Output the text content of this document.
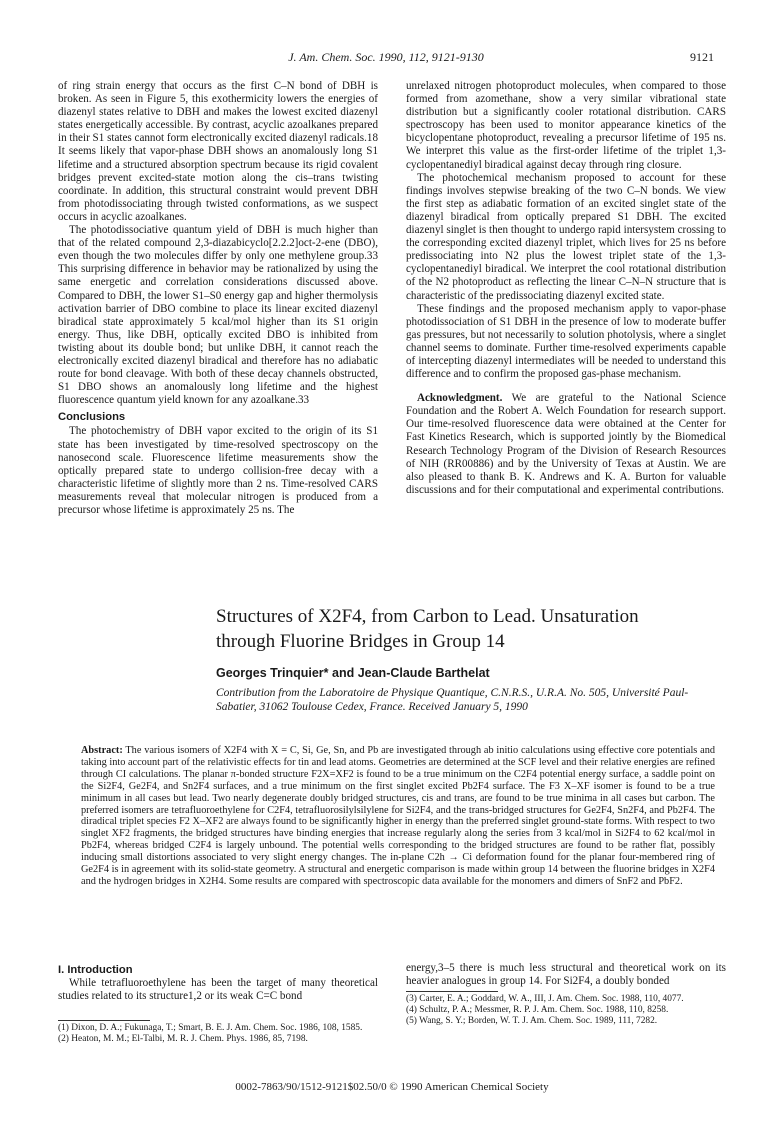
J. Am. Chem. Soc. 1990, 112, 9121-9130	9121

of ring strain energy that occurs as the first C–N bond of DBH is broken. As seen in Figure 5, this exothermicity lowers the energies of diazenyl states relative to DBH and makes the lowest excited diazenyl states energetically accessible. By contrast, acyclic azoalkanes prepared in their S1 states cannot form electronically excited diazenyl radicals.18 It seems likely that vapor-phase DBH shows an anomalously long S1 lifetime and a structured absorption spectrum because its rigid covalent bridges prevent excited-state motion along the cis–trans twisting coordinate. In addition, this structural constraint would prevent DBH from photodissociating through twisted conformations, as we suspect occurs in acyclic azoalkanes.

The photodissociative quantum yield of DBH is much higher than that of the related compound 2,3-diazabicyclo[2.2.2]oct-2-ene (DBO), even though the two molecules differ by only one methylene group.33 This surprising difference in behavior may be rationalized by using the same energetic and correlation considerations discussed above. Compared to DBH, the lower S1–S0 energy gap and higher thermolysis activation barrier of DBO combine to place its linear excited diazenyl biradical state approximately 5 kcal/mol higher than its S1 origin energy. Thus, like DBH, optically excited DBO is inhibited from twisting about its double bond; but unlike DBH, it cannot reach the electronically excited diazenyl biradical and therefore has no adiabatic route for bond cleavage. With both of these decay channels obstructed, S1 DBO shows an anomalously long lifetime and the highest fluorescence quantum yield known for any azoalkane.33

Conclusions

The photochemistry of DBH vapor excited to the origin of its S1 state has been investigated by time-resolved spectroscopy on the nanosecond scale. Fluorescence lifetime measurements show the optically prepared state to undergo collision-free decay with a characteristic lifetime of slightly more than 2 ns. Time-resolved CARS measurements reveal that molecular nitrogen is produced from a precursor whose lifetime is approximately 25 ns. The

unrelaxed nitrogen photoproduct molecules, when compared to those formed from azomethane, show a very similar vibrational state distribution but a significantly cooler rotational distribution. CARS spectroscopy has been used to monitor appearance kinetics of the bicyclopentane photoproduct, revealing a precursor lifetime of 195 ns. We interpret this value as the first-order lifetime of the triplet 1,3-cyclopentanediyl biradical against decay through ring closure.

The photochemical mechanism proposed to account for these findings involves stepwise breaking of the two C–N bonds. We view the first step as adiabatic formation of an excited singlet state of the diazenyl biradical from optically prepared S1 DBH. The excited diazenyl singlet is then thought to undergo rapid intersystem crossing to the corresponding excited diazenyl triplet, which lives for 25 ns before predissociating into N2 plus the lowest triplet state of the 1,3-cyclopentanediyl biradical. We interpret the cool rotational distribution of the N2 photoproduct as reflecting the linear C–N–N structure that is characteristic of the predissociating diazenyl excited state.

These findings and the proposed mechanism apply to vapor-phase photodissociation of S1 DBH in the presence of low to moderate buffer gas pressures, but not necessarily to solution photolysis, where a singlet channel seems to dominate. Further time-resolved experiments capable of intercepting diazenyl intermediates will be needed to understand this difference and to confirm the proposed gas-phase mechanism.

Acknowledgment. We are grateful to the National Science Foundation and the Robert A. Welch Foundation for research support. Our time-resolved fluorescence data were obtained at the Center for Fast Kinetics Research, which is supported jointly by the Biomedical Research Technology Program of the Division of Research Resources of NIH (RR00886) and by the University of Texas at Austin. We are also pleased to thank B. K. Andrews and K. A. Burton for valuable discussions and for their computational and experimental contributions.

Structures of X2F4, from Carbon to Lead. Unsaturation
through Fluorine Bridges in Group 14
Georges Trinquier* and Jean-Claude Barthelat
Contribution from the Laboratoire de Physique Quantique, C.N.R.S., U.R.A. No. 505, Université Paul-Sabatier, 31062 Toulouse Cedex, France. Received January 5, 1990
Abstract: The various isomers of X2F4 with X = C, Si, Ge, Sn, and Pb are investigated through ab initio calculations using effective core potentials and taking into account part of the relativistic effects for tin and lead atoms. Geometries are determined at the SCF level and their relative energies are refined through CI calculations. The planar π-bonded structure F2X=XF2 is found to be a true minimum on the C2F4 potential energy surface, a saddle point on the Si2F4, Ge2F4, and Sn2F4 surfaces, and a true minimum on the first singlet excited Pb2F4 surface. The F3 X–XF isomer is found to be a true minimum in all cases but lead. Two nearly degenerate doubly bridged structures, cis and trans, are found to be true minima in all cases but carbon. The preferred isomers are tetrafluoroethylene for C2F4, tetrafluorosilylsilylene for Si2F4, and the trans-bridged structures for Ge2F4, Sn2F4, and Pb2F4. The diradical triplet species F2 X–XF2 are always found to be significantly higher in energy than the preferred singlet ground-state forms. With respect to two singlet XF2 fragments, the bridged structures have binding energies that increase regularly along the series from 3 kcal/mol in Si2F4 to 62 kcal/mol in Pb2F4, whereas bridged C2F4 is largely unbound. The potential wells corresponding to the bridged structures are found to be rather flat, possibly inducing small distortions associated to very slight energy changes. The in-plane C2h → Ci deformation found for the planar four-membered ring of Ge2F4 is in agreement with its solid-state geometry. A structural and energetic comparison is made within group 14 between the fluorine bridges in X2F4 and the hydrogen bridges in X2H4. Some results are compared with spectroscopic data available for the monomers and dimers of SnF2 and PbF2.
I. Introduction

While tetrafluoroethylene has been the target of many theoretical studies related to its structure1,2 or its weak C=C bond

energy,3–5 there is much less structural and theoretical work on its heavier analogues in group 14. For Si2F4, a doubly bonded

(1) Dixon, D. A.; Fukunaga, T.; Smart, B. E. J. Am. Chem. Soc. 1986, 108, 1585.
(2) Heaton, M. M.; El-Talbi, M. R. J. Chem. Phys. 1986, 85, 7198.
(3) Carter, E. A.; Goddard, W. A., III, J. Am. Chem. Soc. 1988, 110, 4077.
(4) Schultz, P. A.; Messmer, R. P. J. Am. Chem. Soc. 1988, 110, 8258.
(5) Wang, S. Y.; Borden, W. T. J. Am. Chem. Soc. 1989, 111, 7282.
0002-7863/90/1512-9121$02.50/0 © 1990 American Chemical Society
